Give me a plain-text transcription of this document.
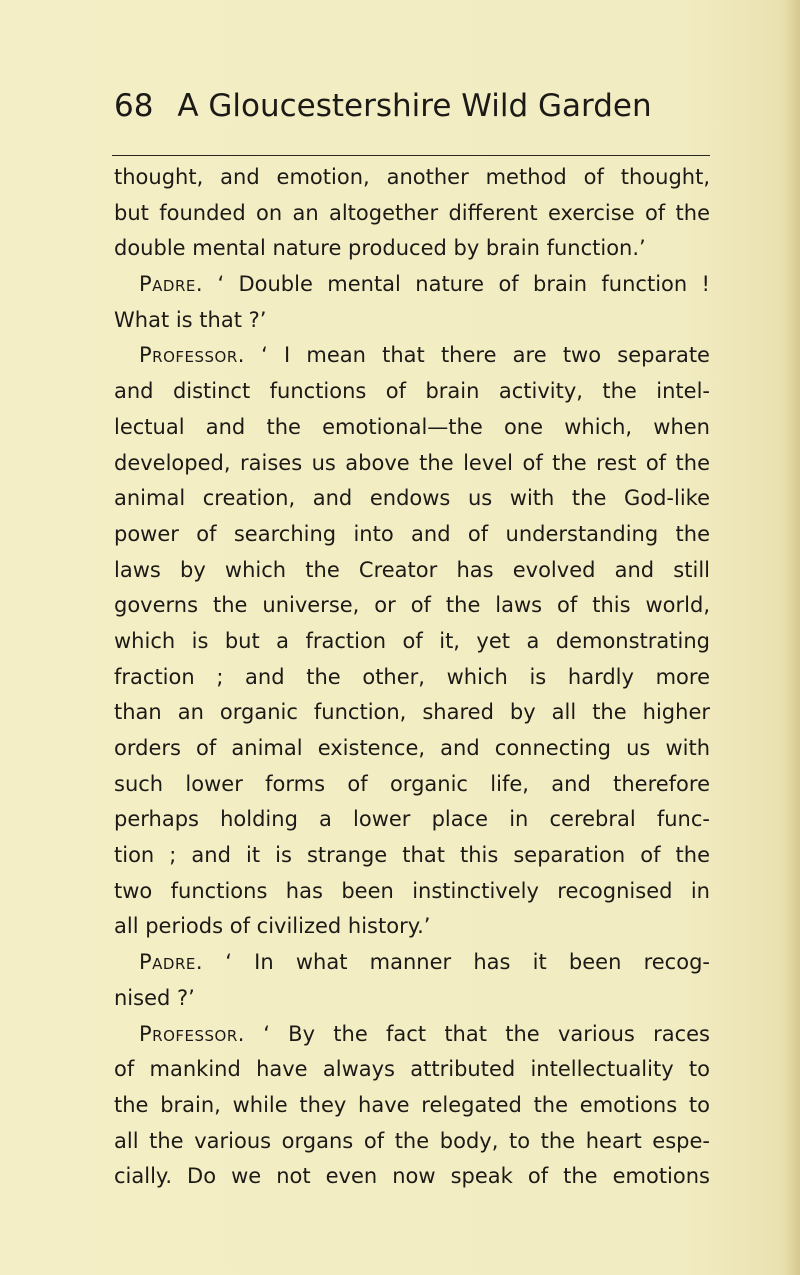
68 A Gloucestershire Wild Garden
thought, and emotion, another method of thought,
but founded on an altogether different exercise of the
double mental nature produced by brain function.’
Padre. ‘ Double mental nature of brain function !
What is that ?’
Professor. ‘ I mean that there are two separate
and distinct functions of brain activity, the intel-
lectual and the emotional—the one which, when
developed, raises us above the level of the rest of the
animal creation, and endows us with the God-like
power of searching into and of understanding the
laws by which the Creator has evolved and still
governs the universe, or of the laws of this world,
which is but a fraction of it, yet a demonstrating
fraction ; and the other, which is hardly more
than an organic function, shared by all the higher
orders of animal existence, and connecting us with
such lower forms of organic life, and therefore
perhaps holding a lower place in cerebral func-
tion ; and it is strange that this separation of the
two functions has been instinctively recognised in
all periods of civilized history.’
Padre. ‘ In what manner has it been recog-
nised ?’
Professor. ‘ By the fact that the various races
of mankind have always attributed intellectuality to
the brain, while they have relegated the emotions to
all the various organs of the body, to the heart espe-
cially. Do we not even now speak of the emotions
